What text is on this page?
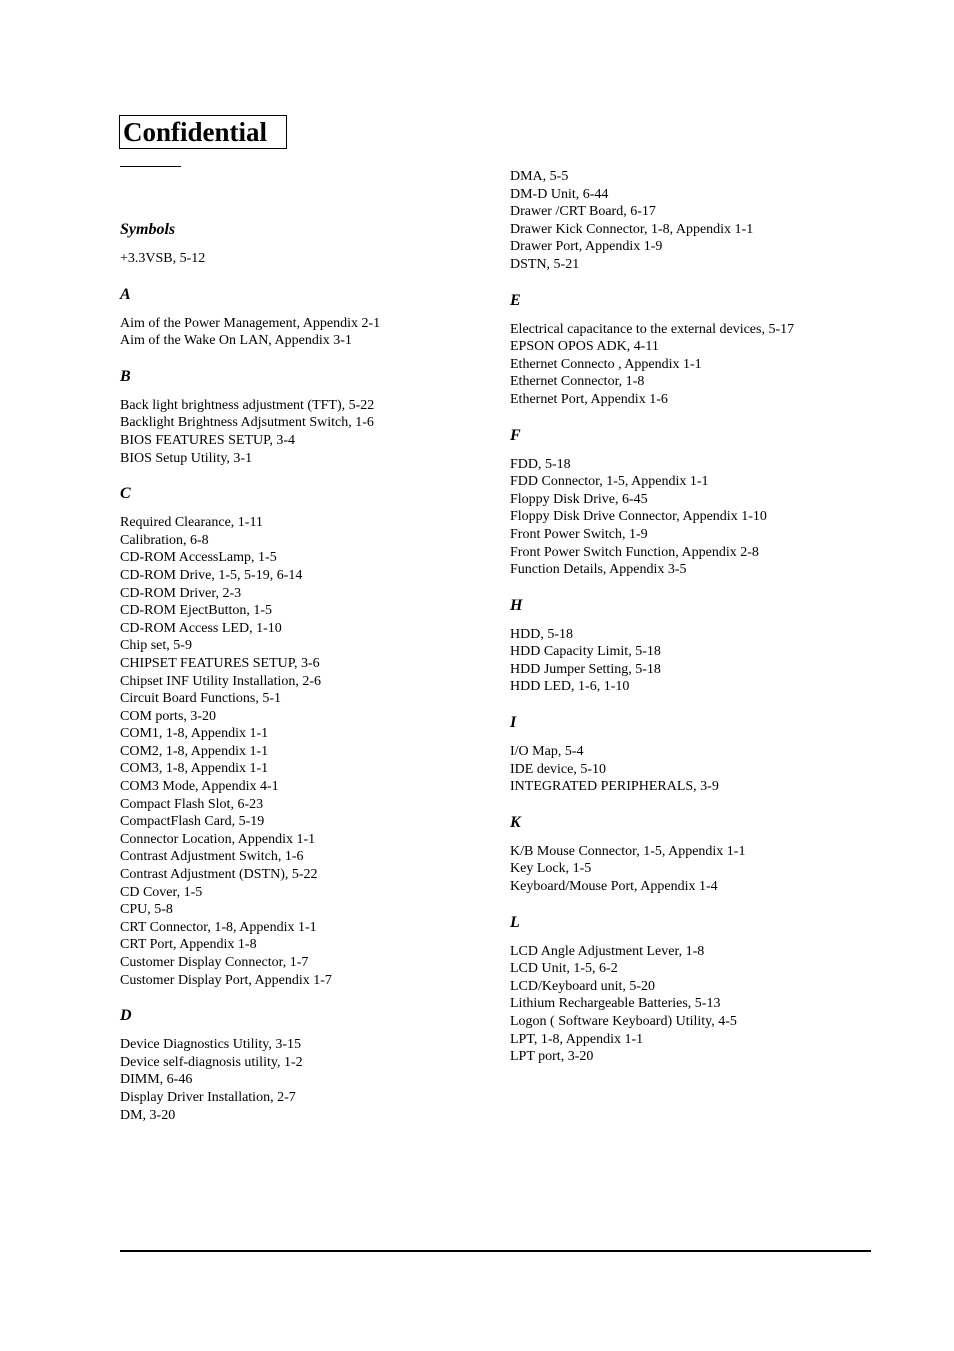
Confidential
Symbols
+3.3VSB, 5-12
A
Aim of the Power Management, Appendix 2-1
Aim of the Wake On LAN, Appendix 3-1
B
Back light brightness adjustment (TFT), 5-22
Backlight Brightness Adjsutment Switch, 1-6
BIOS FEATURES SETUP, 3-4
BIOS Setup Utility, 3-1
C
Required Clearance, 1-11
Calibration, 6-8
CD-ROM AccessLamp, 1-5
CD-ROM Drive, 1-5, 5-19, 6-14
CD-ROM Driver, 2-3
CD-ROM EjectButton, 1-5
CD-ROM Access LED, 1-10
Chip set, 5-9
CHIPSET FEATURES SETUP, 3-6
Chipset INF Utility Installation, 2-6
Circuit Board Functions, 5-1
COM ports, 3-20
COM1, 1-8, Appendix 1-1
COM2, 1-8, Appendix 1-1
COM3, 1-8, Appendix 1-1
COM3 Mode, Appendix 4-1
Compact Flash Slot, 6-23
CompactFlash Card, 5-19
Connector Location, Appendix 1-1
Contrast Adjustment Switch, 1-6
Contrast Adjustment (DSTN), 5-22
CD Cover, 1-5
CPU, 5-8
CRT Connector, 1-8, Appendix 1-1
CRT Port, Appendix 1-8
Customer Display Connector, 1-7
Customer Display Port, Appendix 1-7
D
Device Diagnostics Utility, 3-15
Device self-diagnosis utility, 1-2
DIMM, 6-46
Display Driver Installation, 2-7
DM, 3-20
DMA, 5-5
DM-D Unit, 6-44
Drawer /CRT Board, 6-17
Drawer Kick Connector, 1-8, Appendix 1-1
Drawer Port, Appendix 1-9
DSTN, 5-21
E
Electrical capacitance to the external devices, 5-17
EPSON OPOS ADK, 4-11
Ethernet Connecto , Appendix 1-1
Ethernet Connector, 1-8
Ethernet Port, Appendix 1-6
F
FDD, 5-18
FDD Connector, 1-5, Appendix 1-1
Floppy Disk Drive, 6-45
Floppy Disk Drive Connector, Appendix 1-10
Front Power Switch, 1-9
Front Power Switch Function, Appendix 2-8
Function Details, Appendix 3-5
H
HDD, 5-18
HDD Capacity Limit, 5-18
HDD Jumper Setting, 5-18
HDD LED, 1-6, 1-10
I
I/O Map, 5-4
IDE device, 5-10
INTEGRATED PERIPHERALS, 3-9
K
K/B Mouse Connector, 1-5, Appendix 1-1
Key Lock, 1-5
Keyboard/Mouse Port, Appendix 1-4
L
LCD Angle Adjustment Lever, 1-8
LCD Unit, 1-5, 6-2
LCD/Keyboard unit, 5-20
Lithium Rechargeable Batteries, 5-13
Logon ( Software Keyboard) Utility, 4-5
LPT, 1-8, Appendix 1-1
LPT port, 3-20
